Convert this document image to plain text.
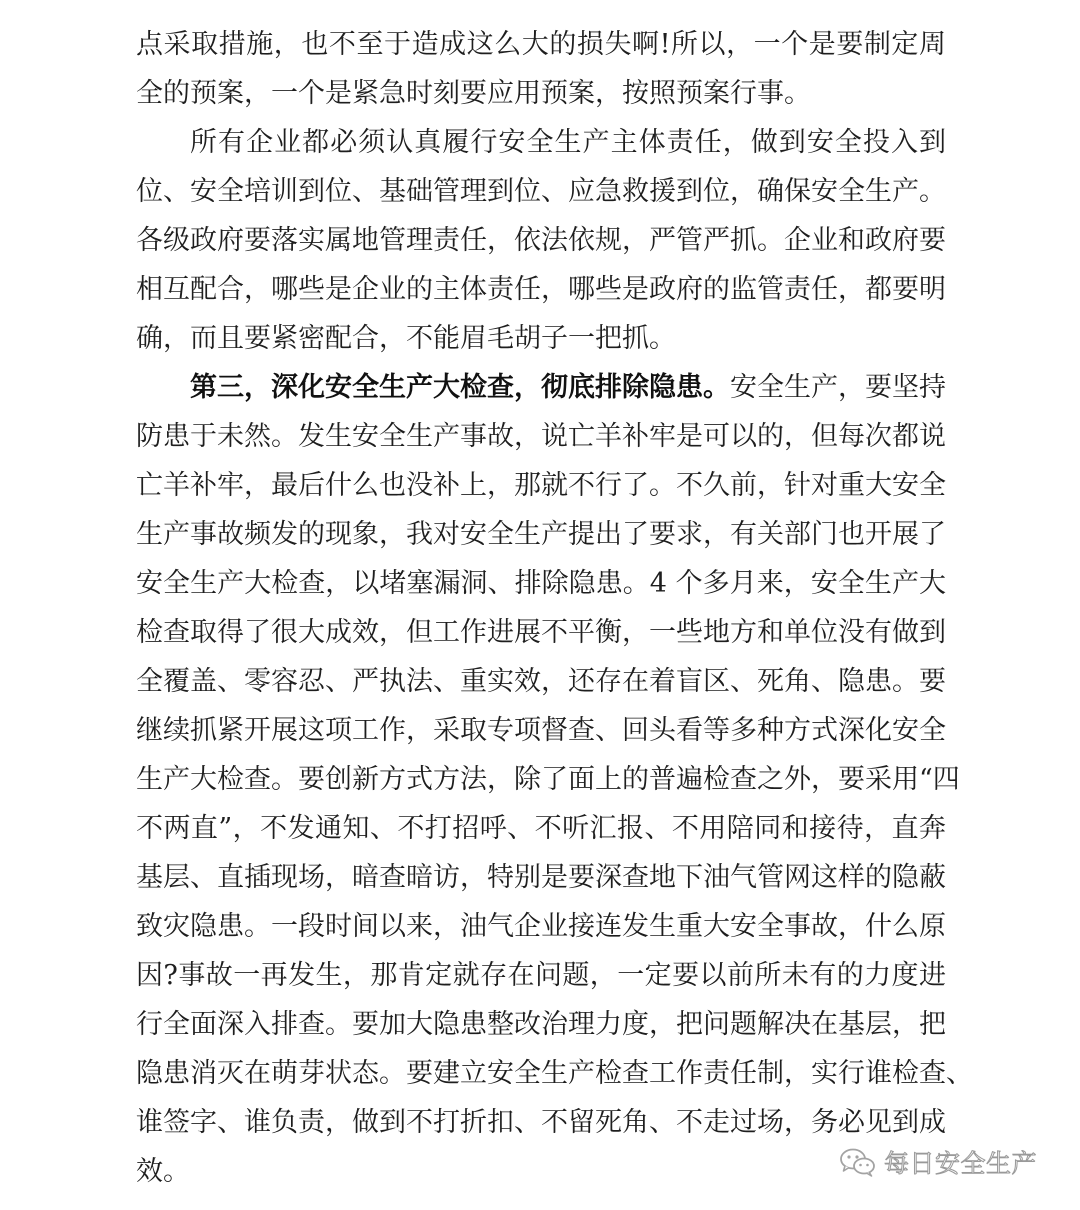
点采取措施，也不至于造成这么大的损失啊!所以，一个是要制定周
全的预案，一个是紧急时刻要应用预案，按照预案行事。
所有企业都必须认真履行安全生产主体责任，做到安全投入到
位、安全培训到位、基础管理到位、应急救援到位，确保安全生产。
各级政府要落实属地管理责任，依法依规，严管严抓。企业和政府要
相互配合，哪些是企业的主体责任，哪些是政府的监管责任，都要明
确，而且要紧密配合，不能眉毛胡子一把抓。
第三，深化安全生产大检查，彻底排除隐患。安全生产，要坚持
防患于未然。发生安全生产事故，说亡羊补牢是可以的，但每次都说
亡羊补牢，最后什么也没补上，那就不行了。不久前，针对重大安全
生产事故频发的现象，我对安全生产提出了要求，有关部门也开展了
安全生产大检查，以堵塞漏洞、排除隐患。4 个多月来，安全生产大
检查取得了很大成效，但工作进展不平衡，一些地方和单位没有做到
全覆盖、零容忍、严执法、重实效，还存在着盲区、死角、隐患。要
继续抓紧开展这项工作，采取专项督查、回头看等多种方式深化安全
生产大检查。要创新方式方法，除了面上的普遍检查之外，要采用“四
不两直”，不发通知、不打招呼、不听汇报、不用陪同和接待，直奔
基层、直插现场，暗查暗访，特别是要深查地下油气管网这样的隐蔽
致灾隐患。一段时间以来，油气企业接连发生重大安全事故，什么原
因?事故一再发生，那肯定就存在问题，一定要以前所未有的力度进
行全面深入排查。要加大隐患整改治理力度，把问题解决在基层，把
隐患消灭在萌芽状态。要建立安全生产检查工作责任制，实行谁检查、
谁签字、谁负责，做到不打折扣、不留死角、不走过场，务必见到成
效。	每日安全生产
